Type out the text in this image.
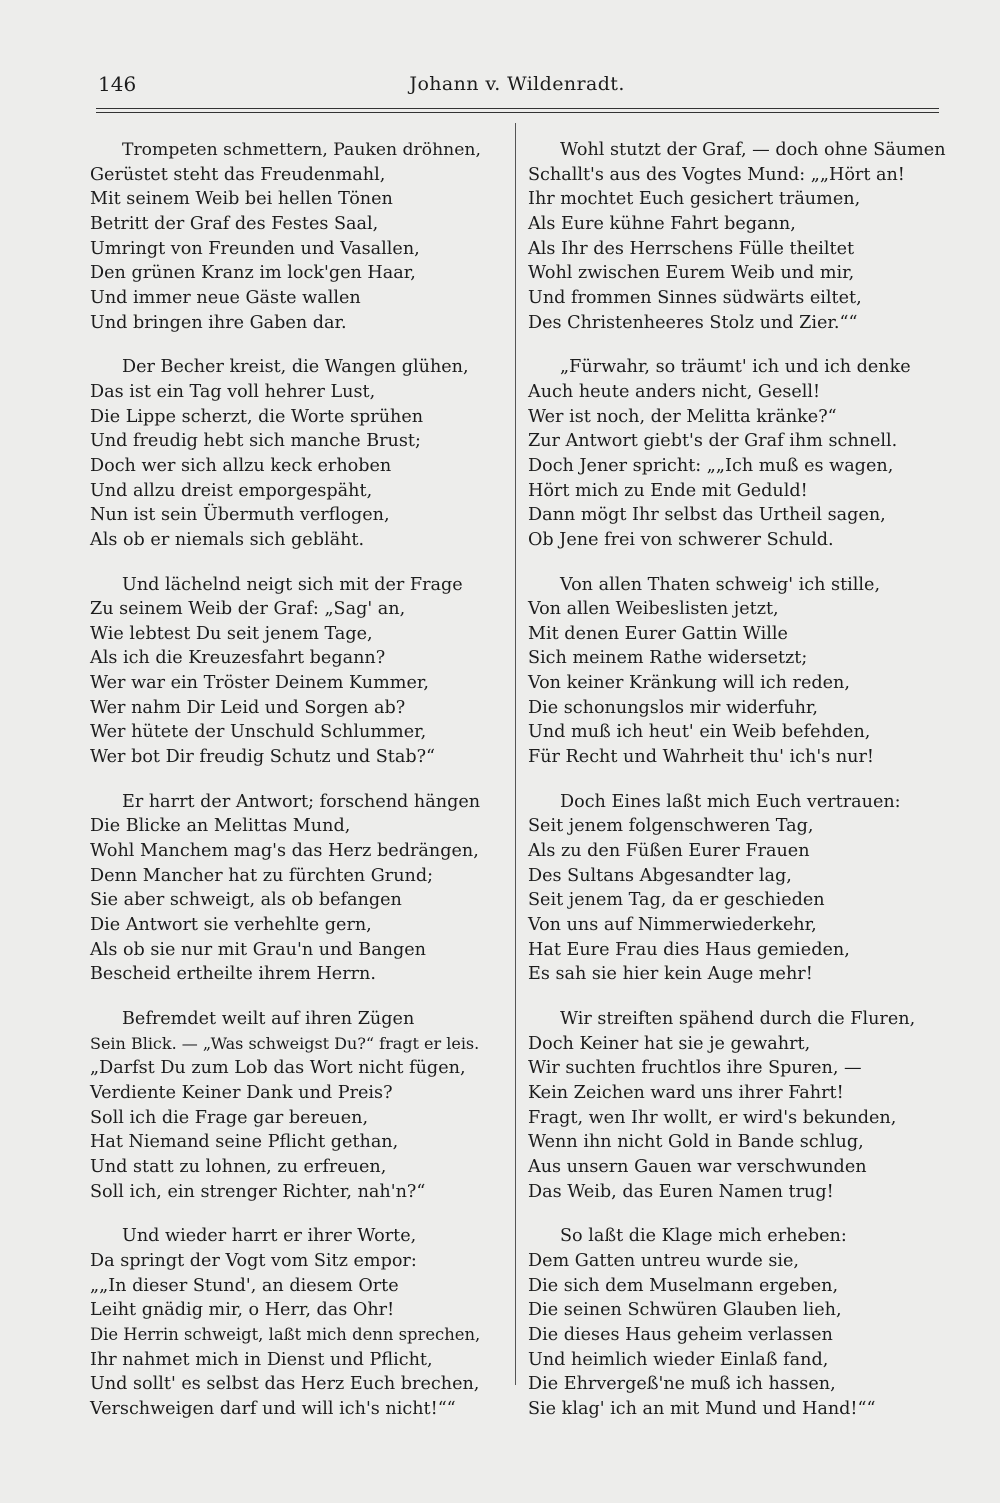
146	Johann v. Wildenradt.
Trompeten schmettern, Pauken dröhnen,
Gerüstet steht das Freudenmahl,
Mit seinem Weib bei hellen Tönen
Betritt der Graf des Festes Saal,
Umringt von Freunden und Vasallen,
Den grünen Kranz im lock'gen Haar,
Und immer neue Gäste wallen
Und bringen ihre Gaben dar.
Der Becher kreist, die Wangen glühen,
Das ist ein Tag voll hehrer Lust,
Die Lippe scherzt, die Worte sprühen
Und freudig hebt sich manche Brust;
Doch wer sich allzu keck erhoben
Und allzu dreist emporgespäht,
Nun ist sein Übermuth verflogen,
Als ob er niemals sich gebläht.
Und lächelnd neigt sich mit der Frage
Zu seinem Weib der Graf: „Sag' an,
Wie lebtest Du seit jenem Tage,
Als ich die Kreuzesfahrt begann?
Wer war ein Tröster Deinem Kummer,
Wer nahm Dir Leid und Sorgen ab?
Wer hütete der Unschuld Schlummer,
Wer bot Dir freudig Schutz und Stab?“
Er harrt der Antwort; forschend hängen
Die Blicke an Melittas Mund,
Wohl Manchem mag's das Herz bedrängen,
Denn Mancher hat zu fürchten Grund;
Sie aber schweigt, als ob befangen
Die Antwort sie verhehlte gern,
Als ob sie nur mit Grau'n und Bangen
Bescheid ertheilte ihrem Herrn.
Befremdet weilt auf ihren Zügen
Sein Blick. — „Was schweigst Du?“ fragt er leis.
„Darfst Du zum Lob das Wort nicht fügen,
Verdiente Keiner Dank und Preis?
Soll ich die Frage gar bereuen,
Hat Niemand seine Pflicht gethan,
Und statt zu lohnen, zu erfreuen,
Soll ich, ein strenger Richter, nah'n?“
Und wieder harrt er ihrer Worte,
Da springt der Vogt vom Sitz empor:
„„In dieser Stund', an diesem Orte
Leiht gnädig mir, o Herr, das Ohr!
Die Herrin schweigt, laßt mich denn sprechen,
Ihr nahmet mich in Dienst und Pflicht,
Und sollt' es selbst das Herz Euch brechen,
Verschweigen darf und will ich's nicht!““
Wohl stutzt der Graf, — doch ohne Säumen
Schallt's aus des Vogtes Mund: „„Hört an!
Ihr mochtet Euch gesichert träumen,
Als Eure kühne Fahrt begann,
Als Ihr des Herrschens Fülle theiltet
Wohl zwischen Eurem Weib und mir,
Und frommen Sinnes südwärts eiltet,
Des Christenheeres Stolz und Zier.““
„Fürwahr, so träumt' ich und ich denke
Auch heute anders nicht, Gesell!
Wer ist noch, der Melitta kränke?“
Zur Antwort giebt's der Graf ihm schnell.
Doch Jener spricht: „„Ich muß es wagen,
Hört mich zu Ende mit Geduld!
Dann mögt Ihr selbst das Urtheil sagen,
Ob Jene frei von schwerer Schuld.
Von allen Thaten schweig' ich stille,
Von allen Weibeslisten jetzt,
Mit denen Eurer Gattin Wille
Sich meinem Rathe widersetzt;
Von keiner Kränkung will ich reden,
Die schonungslos mir widerfuhr,
Und muß ich heut' ein Weib befehden,
Für Recht und Wahrheit thu' ich's nur!
Doch Eines laßt mich Euch vertrauen:
Seit jenem folgenschweren Tag,
Als zu den Füßen Eurer Frauen
Des Sultans Abgesandter lag,
Seit jenem Tag, da er geschieden
Von uns auf Nimmerwiederkehr,
Hat Eure Frau dies Haus gemieden,
Es sah sie hier kein Auge mehr!
Wir streiften spähend durch die Fluren,
Doch Keiner hat sie je gewahrt,
Wir suchten fruchtlos ihre Spuren, —
Kein Zeichen ward uns ihrer Fahrt!
Fragt, wen Ihr wollt, er wird's bekunden,
Wenn ihn nicht Gold in Bande schlug,
Aus unsern Gauen war verschwunden
Das Weib, das Euren Namen trug!
So laßt die Klage mich erheben:
Dem Gatten untreu wurde sie,
Die sich dem Muselmann ergeben,
Die seinen Schwüren Glauben lieh,
Die dieses Haus geheim verlassen
Und heimlich wieder Einlaß fand,
Die Ehrvergeß'ne muß ich hassen,
Sie klag' ich an mit Mund und Hand!““
